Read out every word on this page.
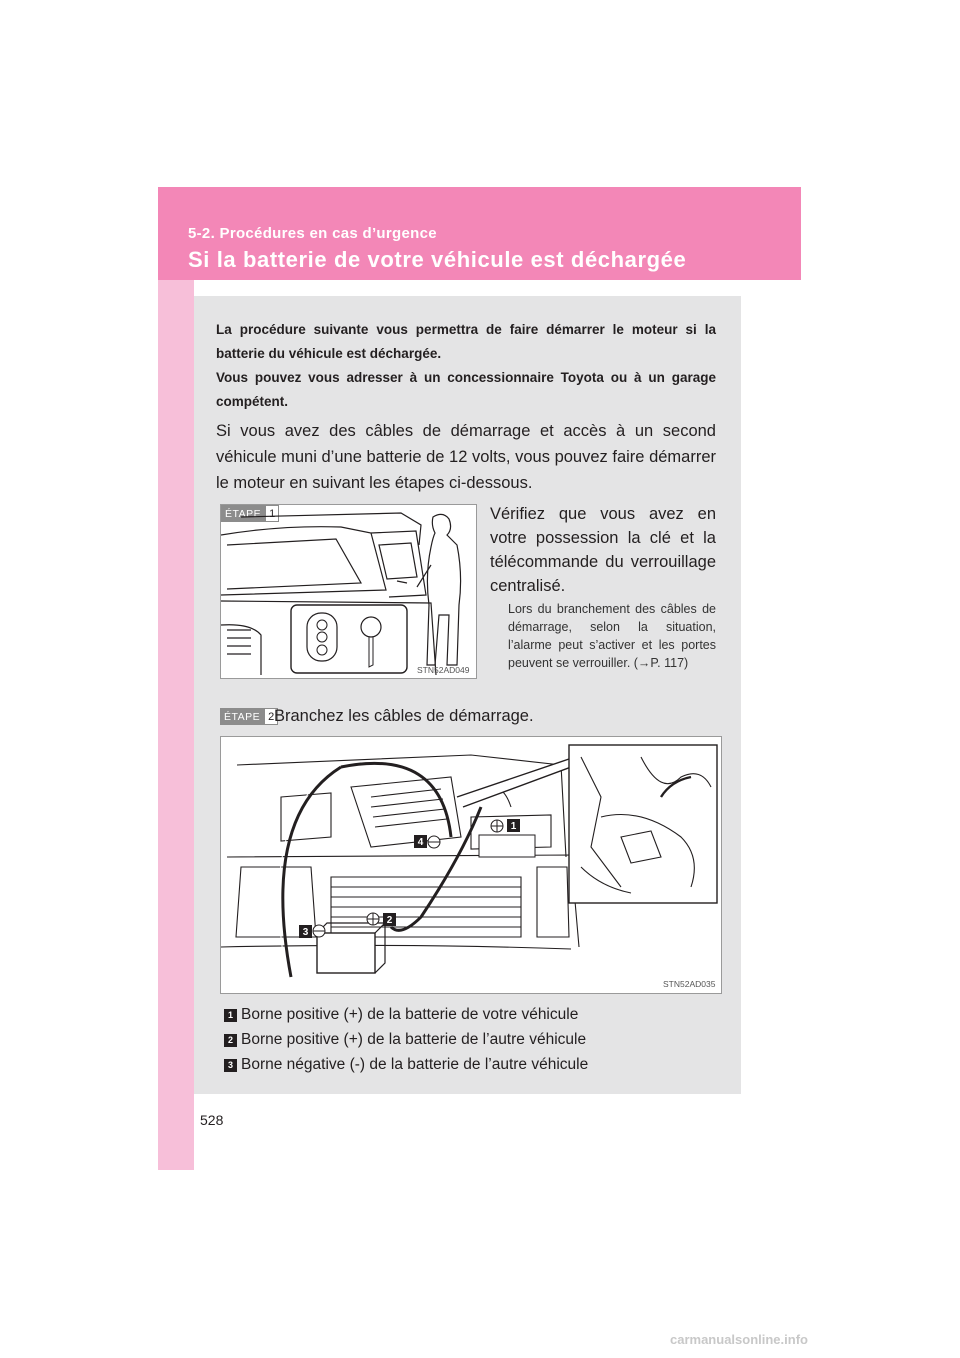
5-2. Procédures en cas d’urgence
Si la batterie de votre véhicule est déchargée

La procédure suivante vous permettra de faire démarrer le moteur si la batterie du véhicule est déchargée.

Vous pouvez vous adresser à un concessionnaire Toyota ou à un garage compétent.

Si vous avez des câbles de démarrage et accès à un second véhicule muni d’une batterie de 12 volts, vous pouvez faire démarrer le moteur en suivant les étapes ci-dessous.

ÉTAPE 1
STN52AD049

Vérifiez que vous avez en votre possession la clé et la télécommande du verrouillage centralisé.

Lors du branchement des câbles de démarrage, selon la situation, l’alarme peut s’activer et les portes peuvent se verrouiller. (→P. 117)

ÉTAPE 2 Branchez les câbles de démarrage.

1
2
3
4
STN52AD035
1 Borne positive (+) de la batterie de votre véhicule
2 Borne positive (+) de la batterie de l’autre véhicule
3 Borne négative (-) de la batterie de l’autre véhicule
528
carmanualsonline.info
